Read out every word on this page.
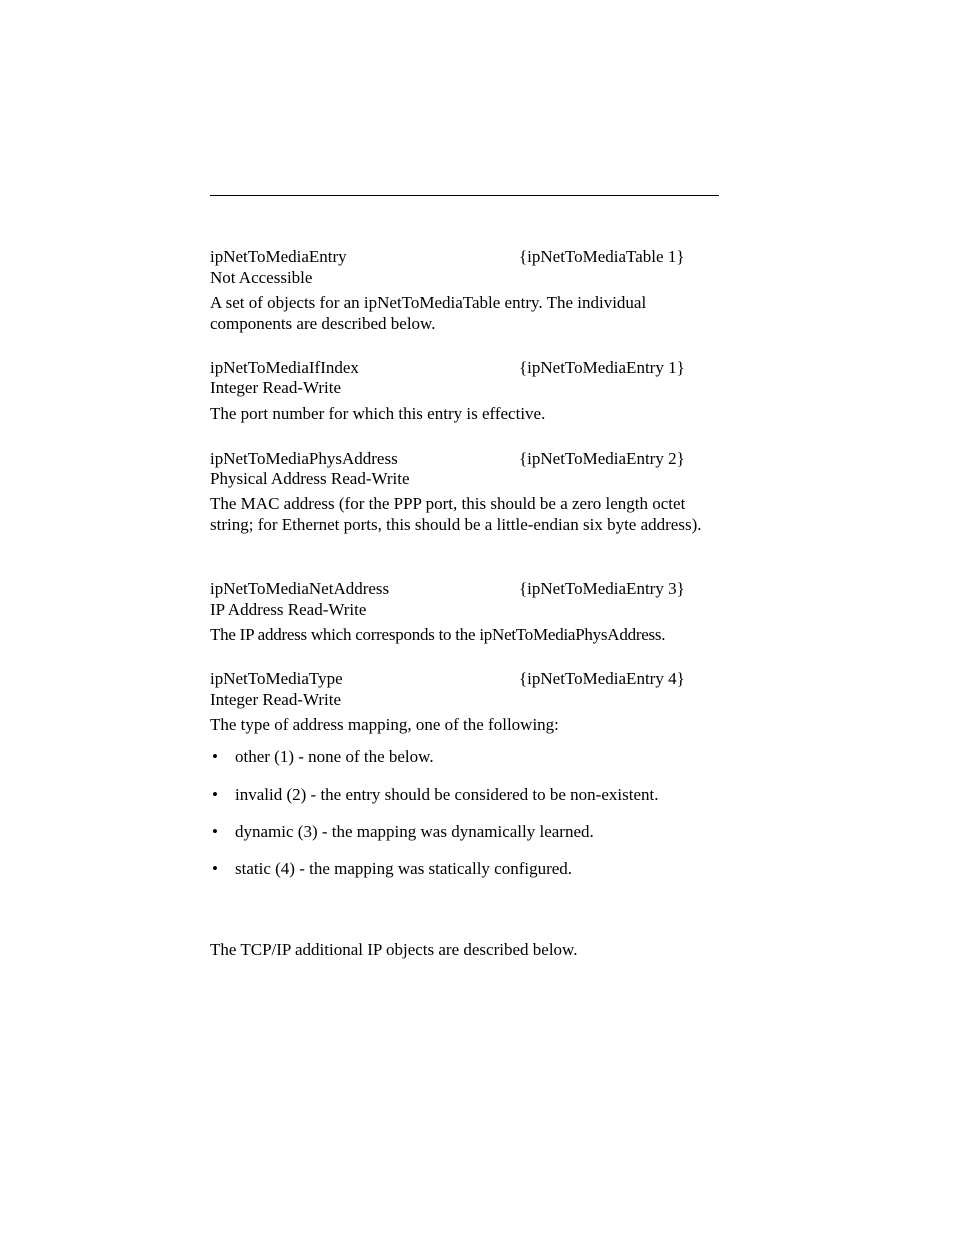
ipNetToMediaEntry	{ipNetToMediaTable 1}
Not Accessible
A set of objects for an ipNetToMediaTable entry. The individual components are described below.
ipNetToMediaIfIndex	{ipNetToMediaEntry 1}
Integer Read-Write
The port number for which this entry is effective.
ipNetToMediaPhysAddress	{ipNetToMediaEntry 2}
Physical Address Read-Write
The MAC address (for the PPP port, this should be a zero length octet string; for Ethernet ports, this should be a little-endian six byte address).
ipNetToMediaNetAddress	{ipNetToMediaEntry 3}
IP Address Read-Write
The IP address which corresponds to the ipNetToMediaPhysAddress.
ipNetToMediaType	{ipNetToMediaEntry 4}
Integer Read-Write
The type of address mapping, one of the following:
• other (1) - none of the below.
• invalid (2) - the entry should be considered to be non-existent.
• dynamic (3) - the mapping was dynamically learned.
• static (4) - the mapping was statically configured.
The TCP/IP additional IP objects are described below.
